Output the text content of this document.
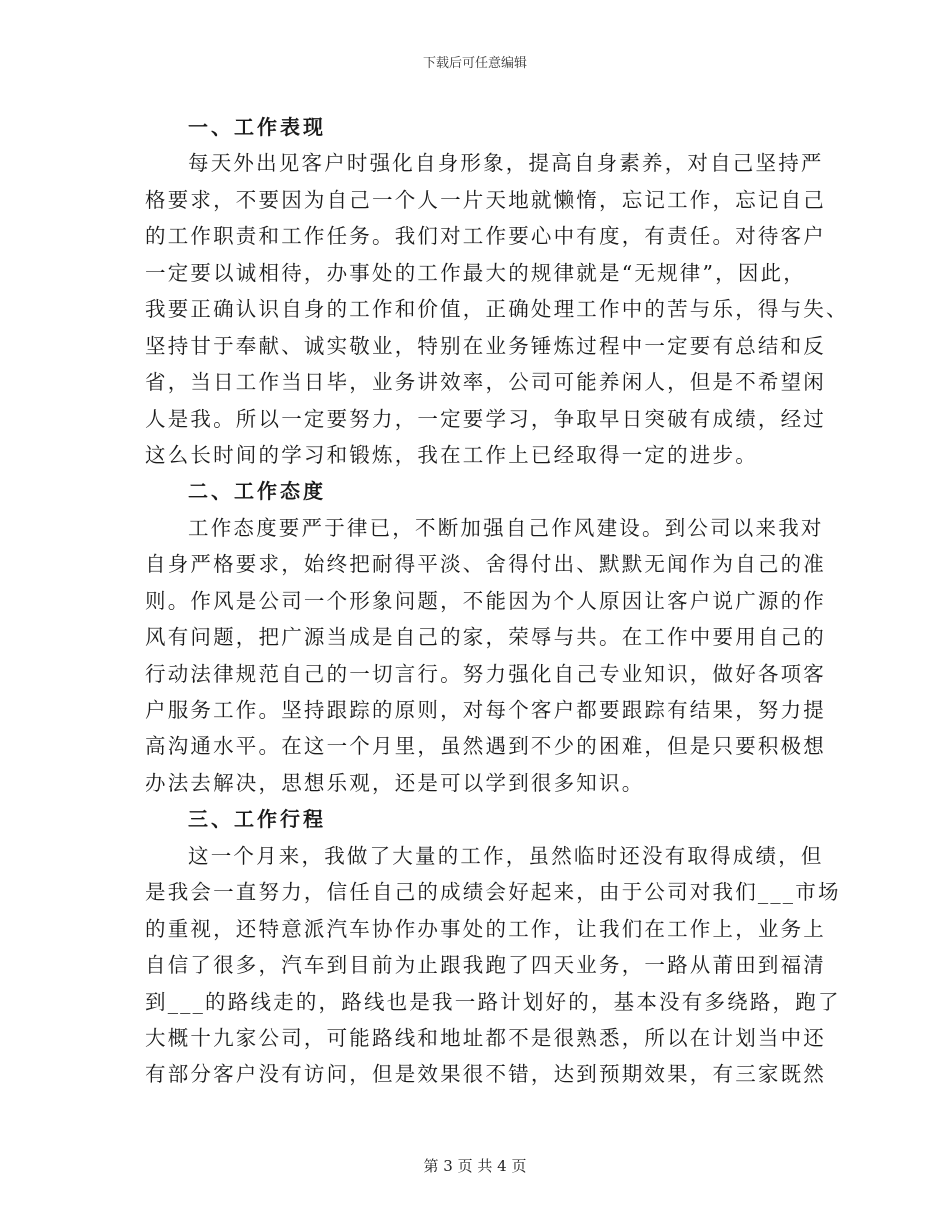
下载后可任意编辑
一、工作表现
每天外出见客户时强化自身形象，提高自身素养，对自己坚持严
格要求，不要因为自己一个人一片天地就懒惰，忘记工作，忘记自己
的工作职责和工作任务。我们对工作要心中有度，有责任。对待客户
一定要以诚相待，办事处的工作最大的规律就是“无规律”，因此，
我要正确认识自身的工作和价值，正确处理工作中的苦与乐，得与失、
坚持甘于奉献、诚实敬业，特别在业务锤炼过程中一定要有总结和反
省，当日工作当日毕，业务讲效率，公司可能养闲人，但是不希望闲
人是我。所以一定要努力，一定要学习，争取早日突破有成绩，经过
这么长时间的学习和锻炼，我在工作上已经取得一定的进步。
二、工作态度
工作态度要严于律已，不断加强自己作风建设。到公司以来我对
自身严格要求，始终把耐得平淡、舍得付出、默默无闻作为自己的准
则。作风是公司一个形象问题，不能因为个人原因让客户说广源的作
风有问题，把广源当成是自己的家，荣辱与共。在工作中要用自己的
行动法律规范自己的一切言行。努力强化自己专业知识，做好各项客
户服务工作。坚持跟踪的原则，对每个客户都要跟踪有结果，努力提
高沟通水平。在这一个月里，虽然遇到不少的困难，但是只要积极想
办法去解决，思想乐观，还是可以学到很多知识。
三、工作行程
这一个月来，我做了大量的工作，虽然临时还没有取得成绩，但
是我会一直努力，信任自己的成绩会好起来，由于公司对我们___市场
的重视，还特意派汽车协作办事处的工作，让我们在工作上，业务上
自信了很多，汽车到目前为止跟我跑了四天业务，一路从莆田到福清
到___的路线走的，路线也是我一路计划好的，基本没有多绕路，跑了
大概十九家公司，可能路线和地址都不是很熟悉，所以在计划当中还
有部分客户没有访问，但是效果很不错，达到预期效果，有三家既然
第 3 页 共 4 页
